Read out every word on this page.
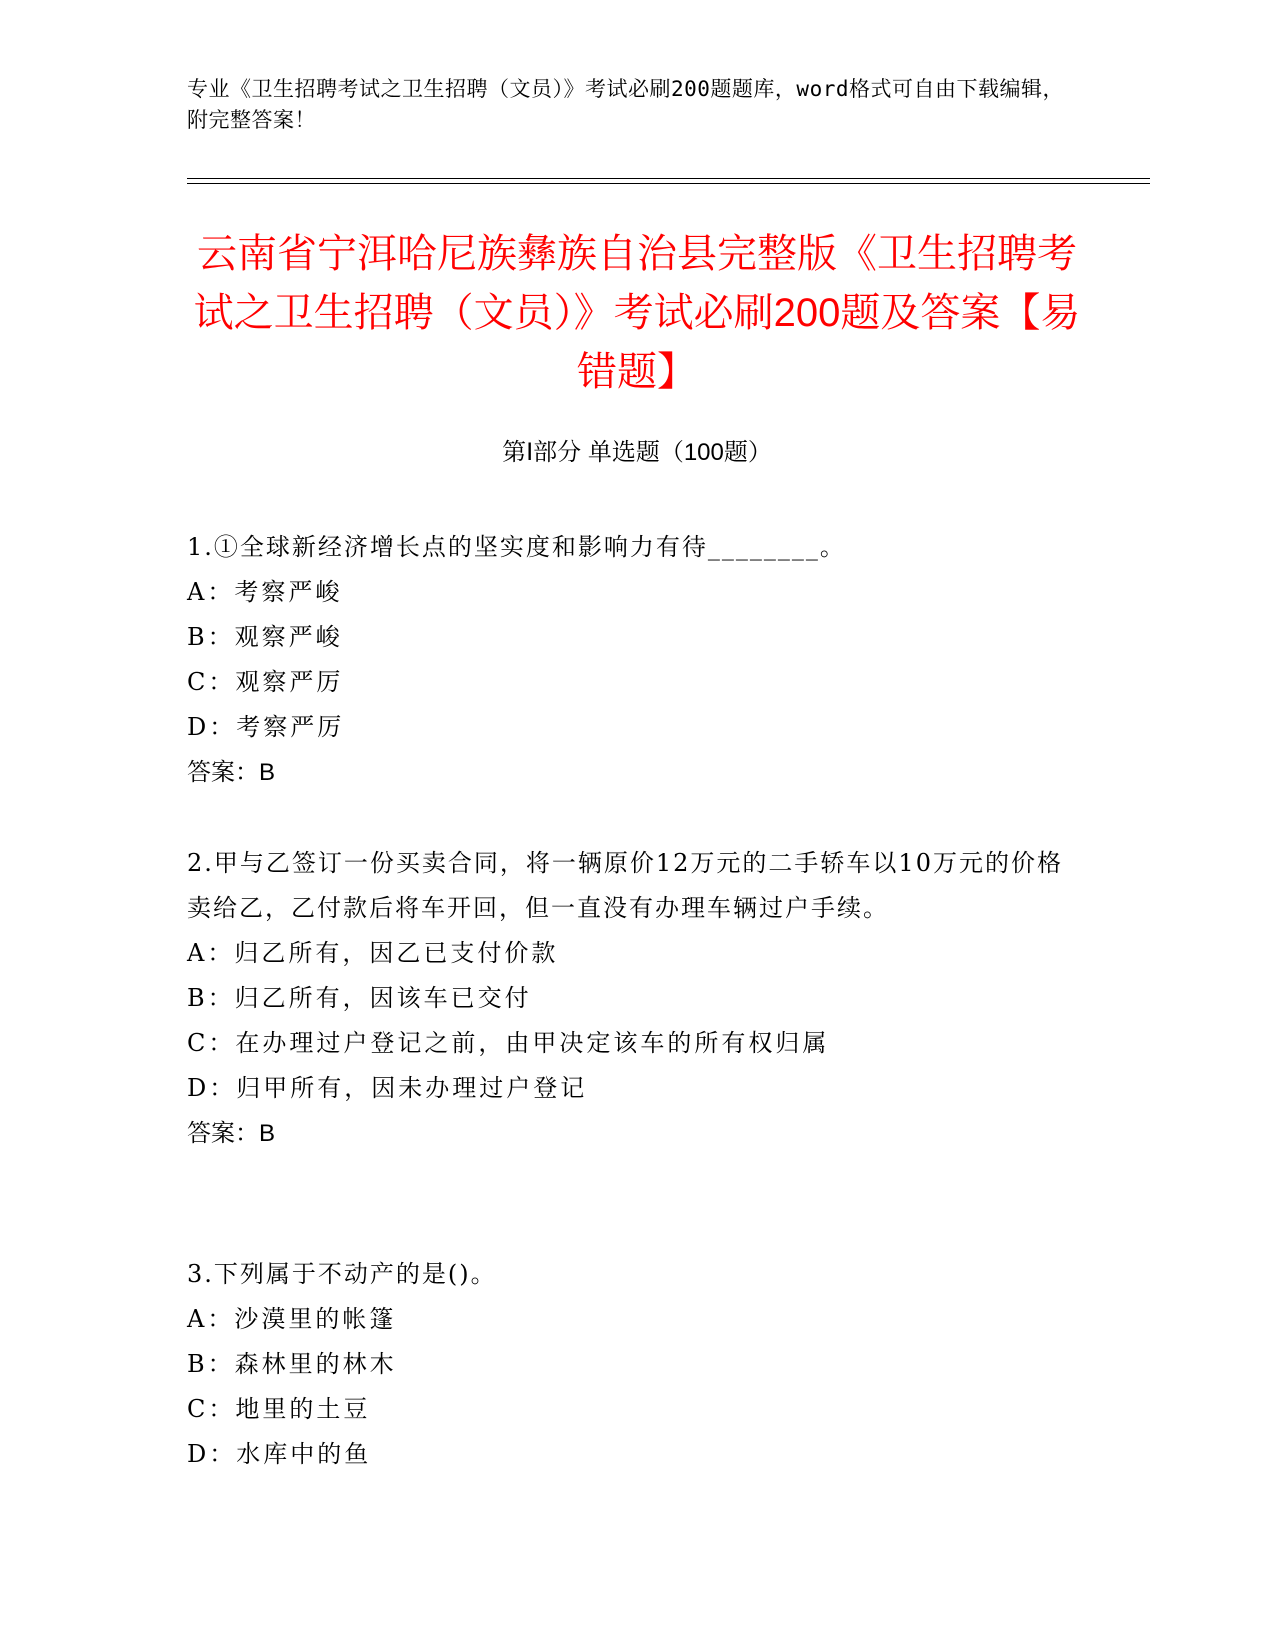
专业《卫生招聘考试之卫生招聘（文员）》考试必刷200题题库，word格式可自由下载编辑，附完整答案！
云南省宁洱哈尼族彝族自治县完整版《卫生招聘考试之卫生招聘（文员）》考试必刷200题及答案【易错题】
第Ⅰ部分 单选题（100题）

1.①全球新经济增长点的坚实度和影响力有待________。

A：考察严峻

B：观察严峻

C：观察严厉

D：考察严厉

答案：B

2.甲与乙签订一份买卖合同，将一辆原价12万元的二手轿车以10万元的价格卖给乙，乙付款后将车开回，但一直没有办理车辆过户手续。

A：归乙所有，因乙已支付价款

B：归乙所有，因该车已交付

C：在办理过户登记之前，由甲决定该车的所有权归属

D：归甲所有，因未办理过户登记

答案：B

3.下列属于不动产的是()。

A：沙漠里的帐篷

B：森林里的林木

C：地里的土豆

D：水库中的鱼
